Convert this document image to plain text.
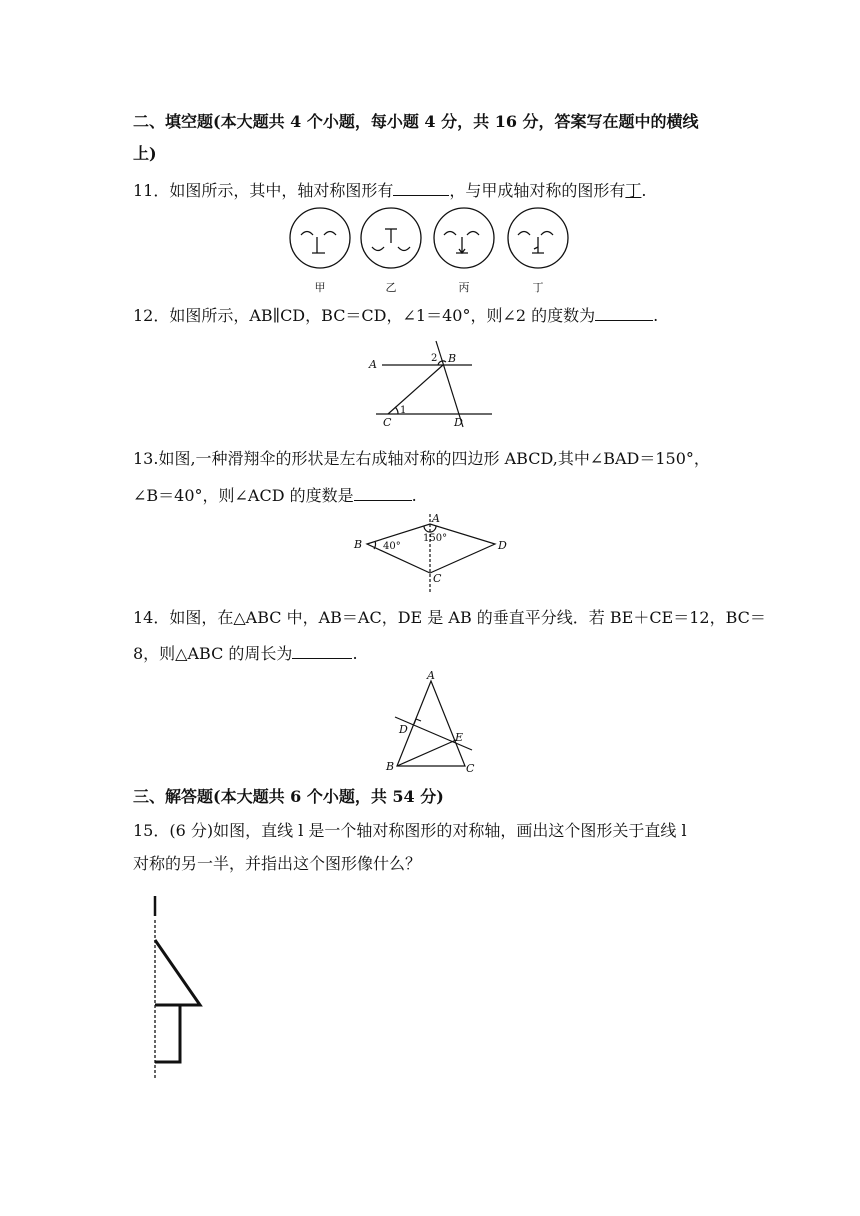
二、填空题(本大题共 4 个小题，每小题 4 分，共 16 分，答案写在题中的横线
上)
11．如图所示，其中，轴对称图形有	，与甲成轴对称的图形有丁.
甲	乙	丙	丁
12．如图所示，AB∥CD，BC＝CD，∠1＝40°，则∠2 的度数为	.
A	B
C	D
1
2
13.如图,一种滑翔伞的形状是左右成轴对称的四边形 ABCD,其中∠BAD＝150°，
∠B＝40°，则∠ACD 的度数是	.
B
A
D
C
40°
150°
14．如图，在△ABC 中，AB＝AC，DE 是 AB 的垂直平分线．若 BE＋CE＝12，BC＝
8，则△ABC 的周长为	.
A
B	C
D
E
三、解答题(本大题共 6 个小题，共 54 分)
15．(6 分)如图，直线 l 是一个轴对称图形的对称轴，画出这个图形关于直线 l
对称的另一半，并指出这个图形像什么？
